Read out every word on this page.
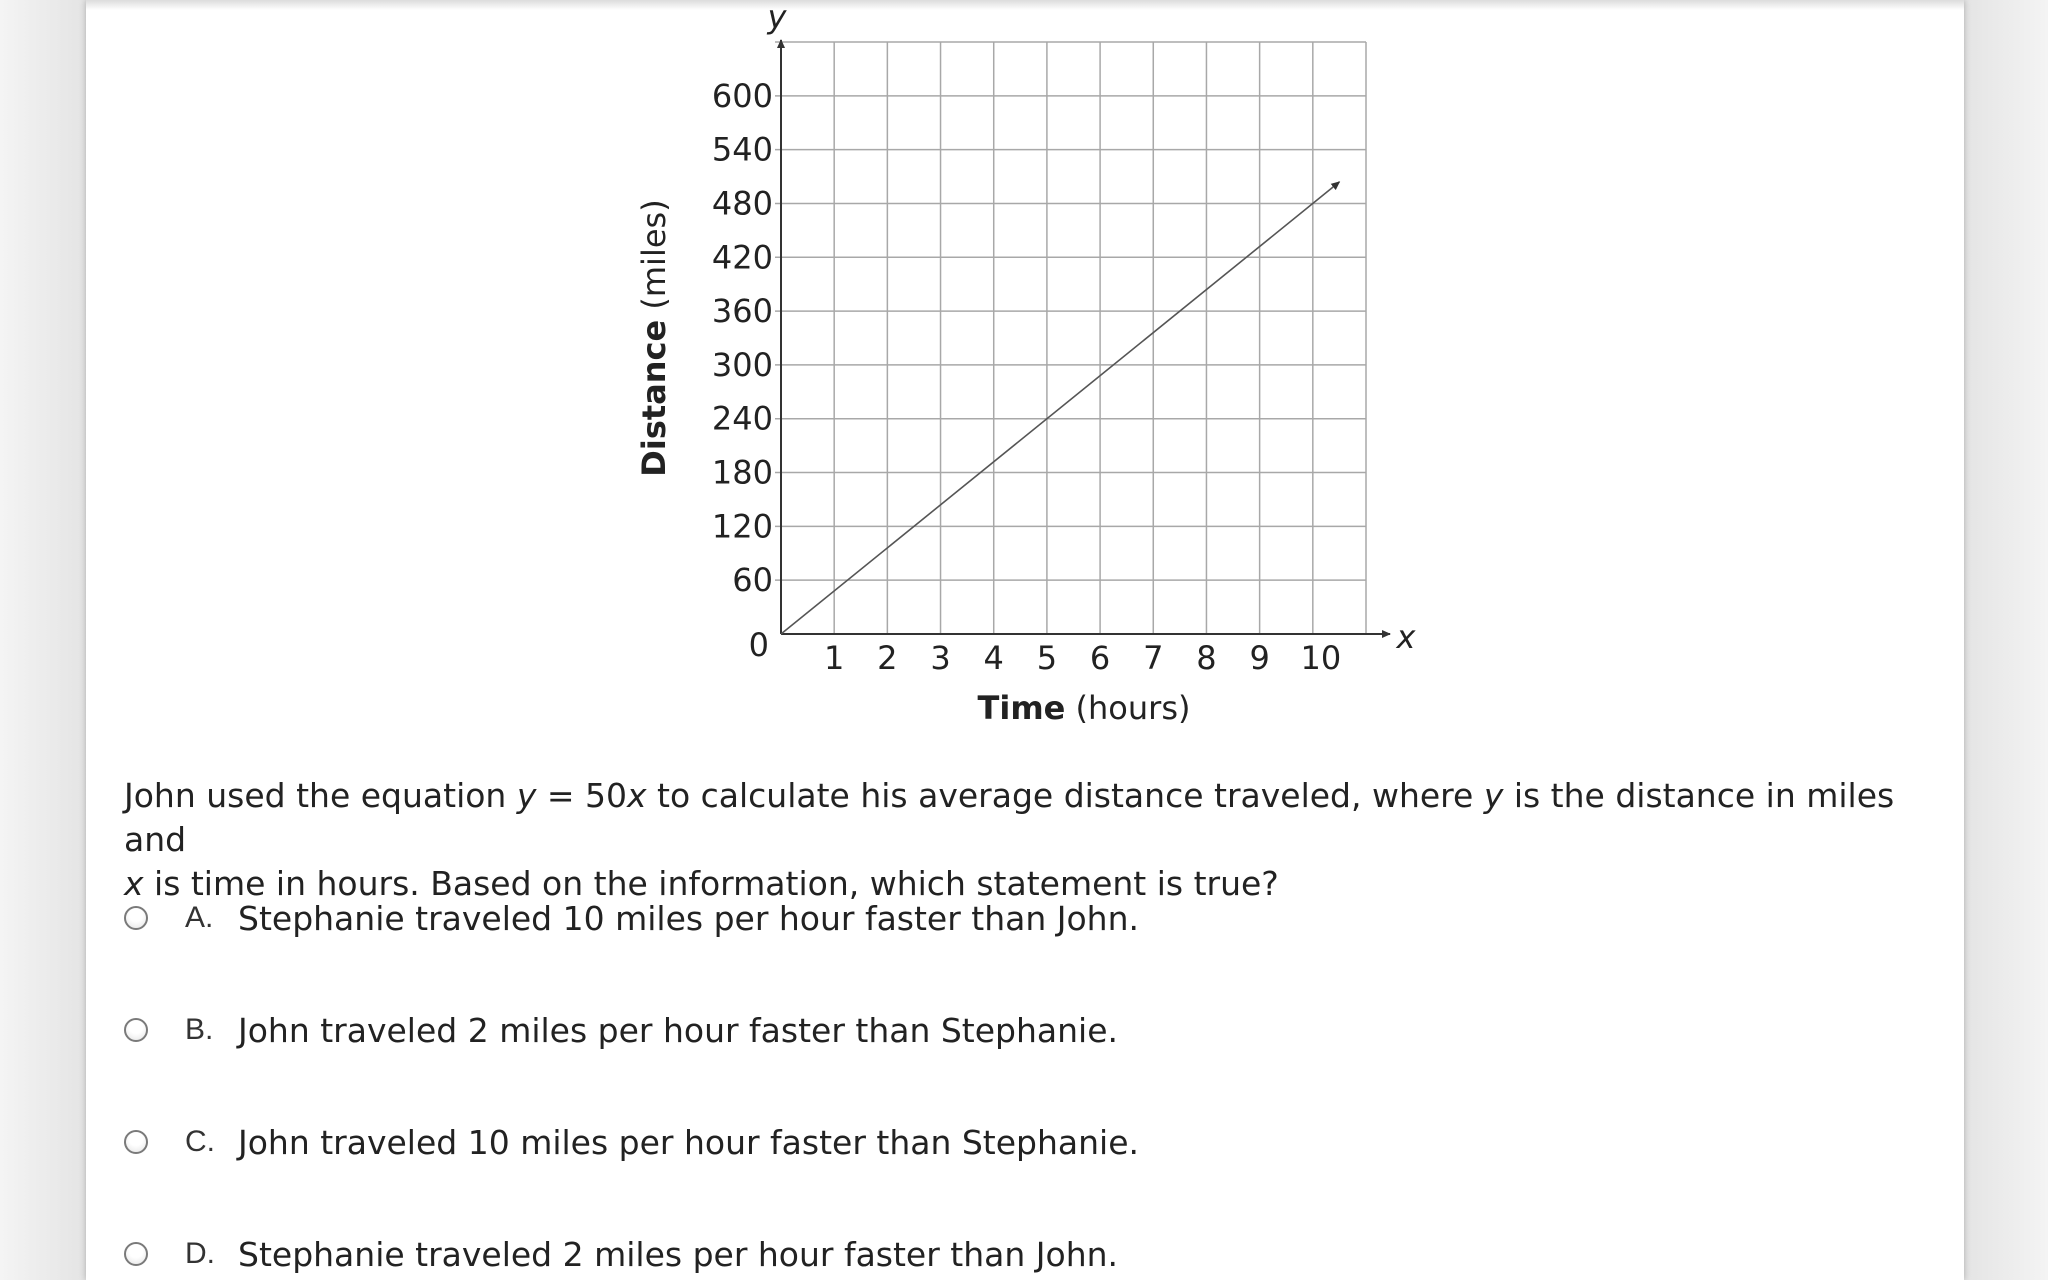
60
120
180
240
300
360
420
480
540
600
0 1 2 3 4 5 6 7 8 9 10
y
x
Time (hours)
Distance (miles)
John used the equation y = 50x to calculate his average distance traveled, where y is the distance in miles and
x is time in hours. Based on the information, which statement is true?
A. Stephanie traveled 10 miles per hour faster than John.
B. John traveled 2 miles per hour faster than Stephanie.
C. John traveled 10 miles per hour faster than Stephanie.
D. Stephanie traveled 2 miles per hour faster than John.
